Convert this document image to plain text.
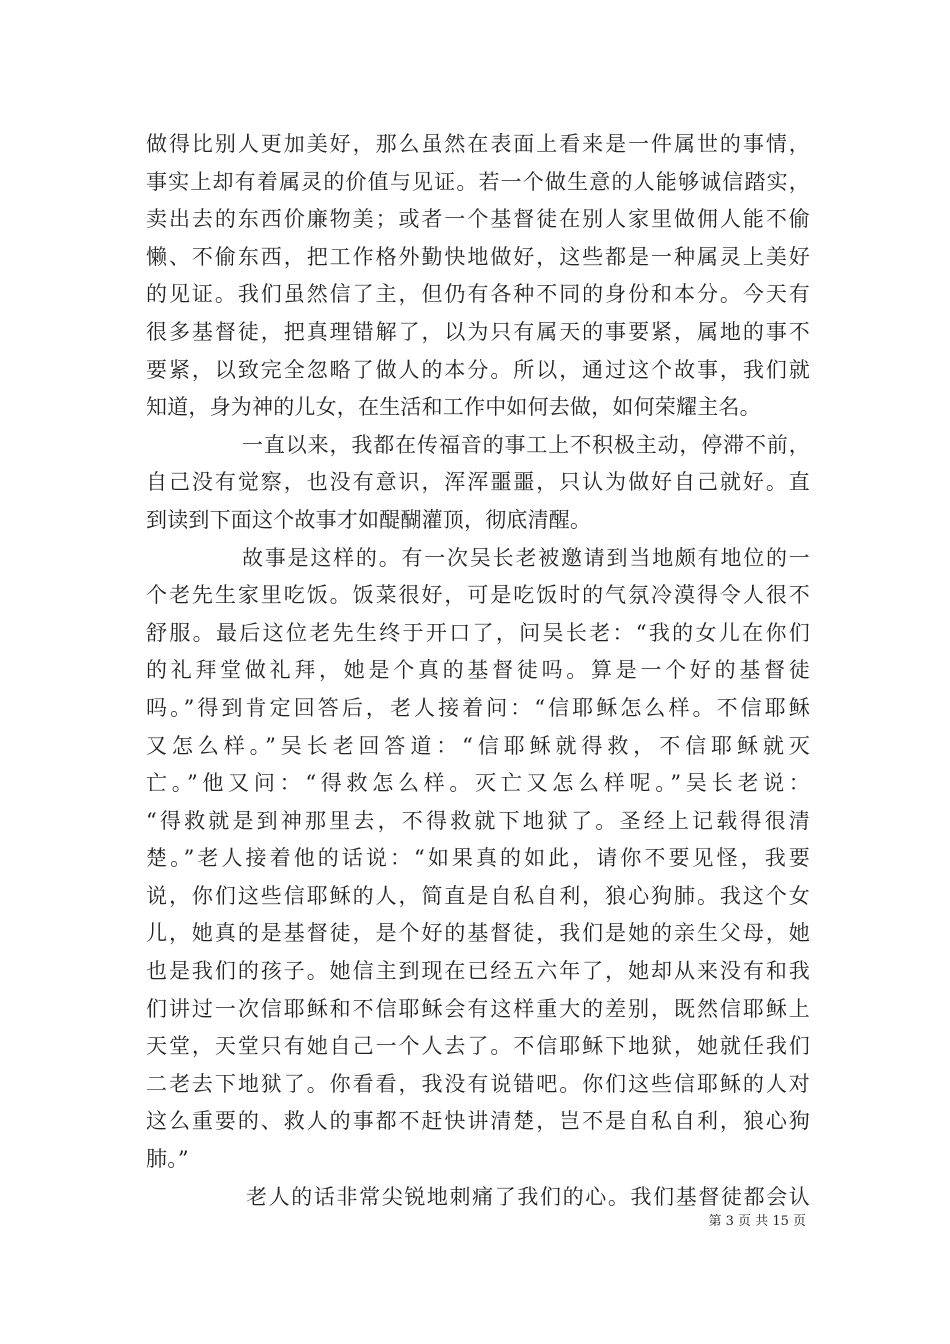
做得比别人更加美好，那么虽然在表面上看来是一件属世的事情，
事实上却有着属灵的价值与见证。若一个做生意的人能够诚信踏实，
卖出去的东西价廉物美；或者一个基督徒在别人家里做佣人能不偷
懒、不偷东西，把工作格外勤快地做好，这些都是一种属灵上美好
的见证。我们虽然信了主，但仍有各种不同的身份和本分。今天有
很多基督徒，把真理错解了，以为只有属天的事要紧，属地的事不
要紧，以致完全忽略了做人的本分。所以，通过这个故事，我们就
知道，身为神的儿女，在生活和工作中如何去做，如何荣耀主名。
一直以来，我都在传福音的事工上不积极主动，停滞不前，
自己没有觉察，也没有意识，浑浑噩噩，只认为做好自己就好。直
到读到下面这个故事才如醍醐灌顶，彻底清醒。
故事是这样的。有一次吴长老被邀请到当地颇有地位的一
个老先生家里吃饭。饭菜很好，可是吃饭时的气氛冷漠得令人很不
舒服。最后这位老先生终于开口了，问吴长老：“我的女儿在你们
的礼拜堂做礼拜，她是个真的基督徒吗。算是一个好的基督徒
吗。”得到肯定回答后，老人接着问：“信耶稣怎么样。不信耶稣
又怎么样。”吴长老回答道：“信耶稣就得救，不信耶稣就灭
亡。”他又问：“得救怎么样。灭亡又怎么样呢。”吴长老说：
“得救就是到神那里去，不得救就下地狱了。圣经上记载得很清
楚。”老人接着他的话说：“如果真的如此，请你不要见怪，我要
说，你们这些信耶稣的人，简直是自私自利，狼心狗肺。我这个女
儿，她真的是基督徒，是个好的基督徒，我们是她的亲生父母，她
也是我们的孩子。她信主到现在已经五六年了，她却从来没有和我
们讲过一次信耶稣和不信耶稣会有这样重大的差别，既然信耶稣上
天堂，天堂只有她自己一个人去了。不信耶稣下地狱，她就任我们
二老去下地狱了。你看看，我没有说错吧。你们这些信耶稣的人对
这么重要的、救人的事都不赶快讲清楚，岂不是自私自利，狼心狗
肺。”
老人的话非常尖锐地刺痛了我们的心。我们基督徒都会认
第 3 页 共 15 页
